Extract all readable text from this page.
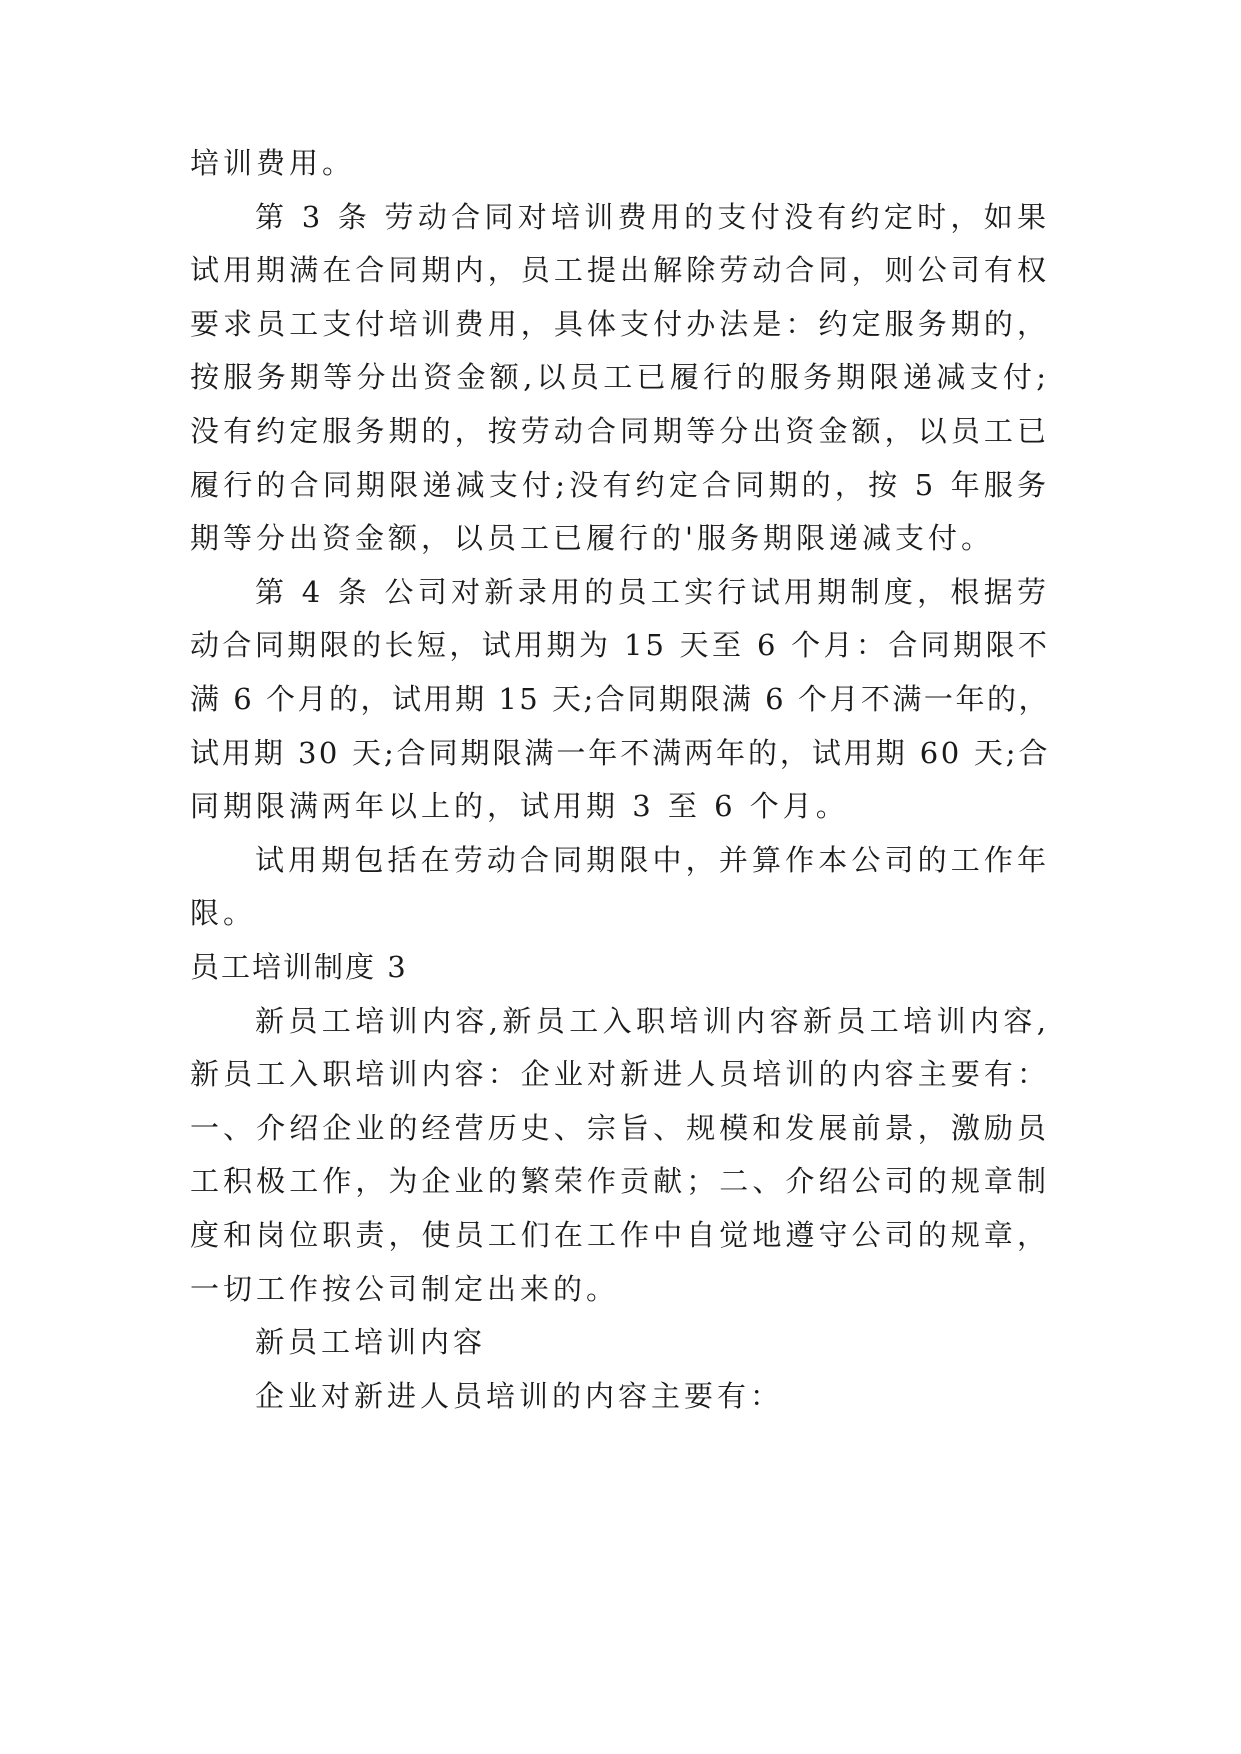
培训费用。
第 3 条 劳动合同对培训费用的支付没有约定时，如果
试用期满在合同期内，员工提出解除劳动合同，则公司有权
要求员工支付培训费用，具体支付办法是：约定服务期的，
按服务期等分出资金额,以员工已履行的服务期限递减支付;
没有约定服务期的，按劳动合同期等分出资金额，以员工已
履行的合同期限递减支付;没有约定合同期的，按 5 年服务
期等分出资金额，以员工已履行的'服务期限递减支付。
第 4 条 公司对新录用的员工实行试用期制度，根据劳
动合同期限的长短，试用期为 15 天至 6 个月：合同期限不
满 6 个月的，试用期 15 天;合同期限满 6 个月不满一年的，
试用期 30 天;合同期限满一年不满两年的，试用期 60 天;合
同期限满两年以上的，试用期 3 至 6 个月。
试用期包括在劳动合同期限中，并算作本公司的工作年
限。
员工培训制度 3
新员工培训内容,新员工入职培训内容新员工培训内容,
新员工入职培训内容：企业对新进人员培训的内容主要有：
一、介绍企业的经营历史、宗旨、规模和发展前景，激励员
工积极工作，为企业的繁荣作贡献；二、介绍公司的规章制
度和岗位职责，使员工们在工作中自觉地遵守公司的规章，
一切工作按公司制定出来的。
新员工培训内容
企业对新进人员培训的内容主要有：
